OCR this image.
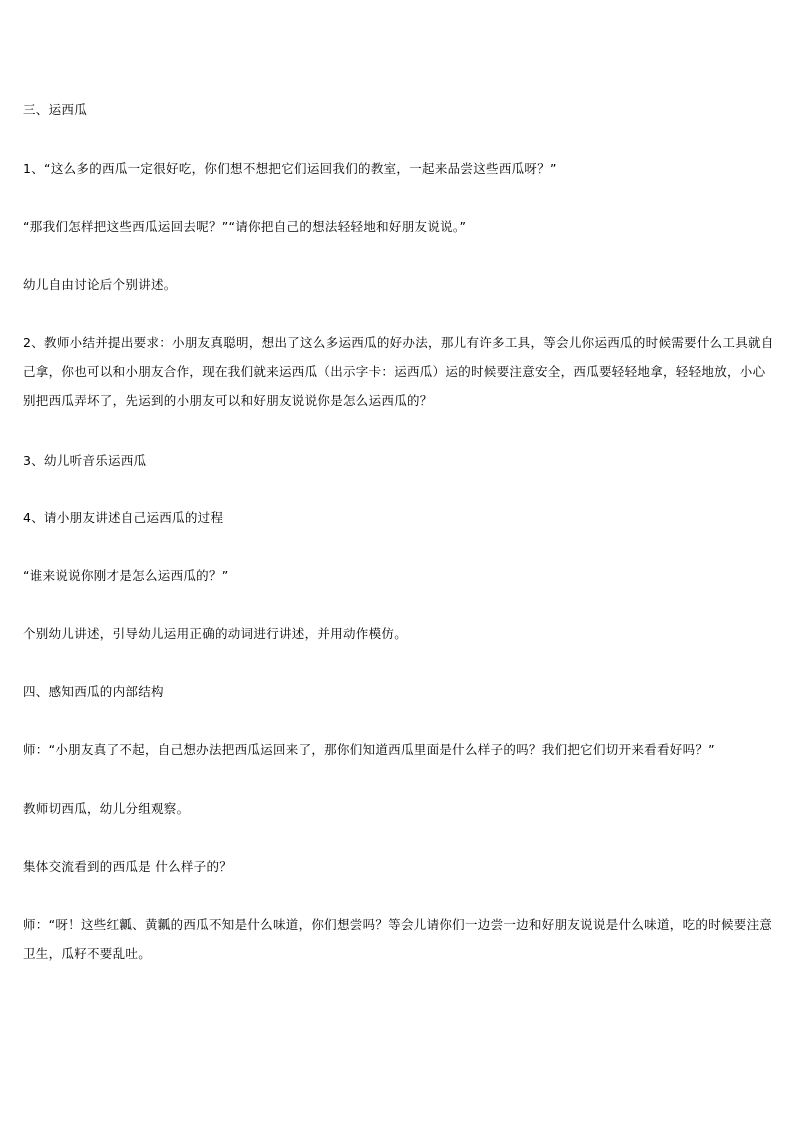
三、运西瓜

1、“这么多的西瓜一定很好吃，你们想不想把它们运回我们的教室，一起来品尝这些西瓜呀？”

“那我们怎样把这些西瓜运回去呢？”“请你把自己的想法轻轻地和好朋友说说。”

幼儿自由讨论后个别讲述。

2、教师小结并提出要求：小朋友真聪明，想出了这么多运西瓜的好办法，那儿有许多工具，等会儿你运西瓜的时候需要什么工具就自己拿，你也可以和小朋友合作，现在我们就来运西瓜（出示字卡：运西瓜）运的时候要注意安全，西瓜要轻轻地拿，轻轻地放，小心别把西瓜弄坏了，先运到的小朋友可以和好朋友说说你是怎么运西瓜的？

3、幼儿听音乐运西瓜

4、请小朋友讲述自己运西瓜的过程

“谁来说说你刚才是怎么运西瓜的？”

个别幼儿讲述，引导幼儿运用正确的动词进行讲述，并用动作模仿。

四、感知西瓜的内部结构

师：“小朋友真了不起，自己想办法把西瓜运回来了，那你们知道西瓜里面是什么样子的吗？我们把它们切开来看看好吗？”

教师切西瓜，幼儿分组观察。

集体交流看到的西瓜是 什么样子的？

师：“呀！这些红瓤、黄瓤的西瓜不知是什么味道，你们想尝吗？等会儿请你们一边尝一边和好朋友说说是什么味道，吃的时候要注意卫生，瓜籽不要乱吐。
